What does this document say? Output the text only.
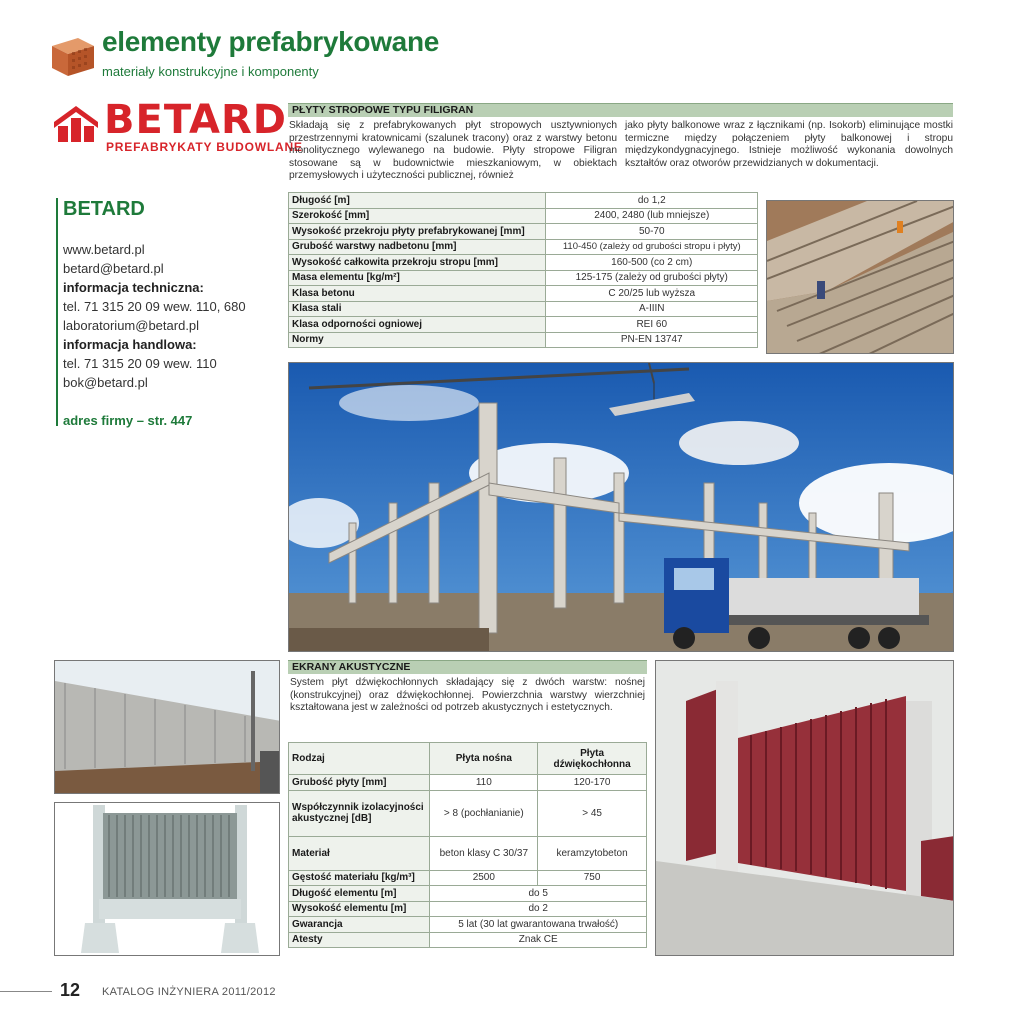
elementy prefabrykowane
materiały konstrukcyjne i komponenty
BETARD
PREFABRYKATY BUDOWLANE
BETARD
www.betard.pl
betard@betard.pl
informacja techniczna:
tel. 71 315 20 09 wew. 110, 680
laboratorium@betard.pl
informacja handlowa:
tel. 71 315 20 09 wew. 110
bok@betard.pl
adres firmy – str. 447
PŁYTY STROPOWE TYPU FILIGRAN
Składają się z prefabrykowanych płyt stropowych usztywnionych przestrzennymi kratownicami (szalunek tracony) oraz z warstwy betonu monolitycznego wylewanego na budowie. Płyty stropowe Filigran stosowane są w budownictwie mieszkaniowym, w obiektach przemysłowych i użyteczności publicznej, również
jako płyty balkonowe wraz z łącznikami (np. Isokorb) eliminujące mostki termiczne między połączeniem płyty balkonowej i stropu międzykondygnacyjnego. Istnieje możliwość wykonania dowolnych kształtów oraz otworów przewidzianych w dokumentacji.
Długość [m]	do 1,2
Szerokość [mm]	2400, 2480 (lub mniejsze)
Wysokość przekroju płyty prefabrykowanej [mm]	50-70
Grubość warstwy nadbetonu [mm]	110-450 (zależy od grubości stropu i płyty)
Wysokość całkowita przekroju stropu [mm]	160-500 (co 2 cm)
Masa elementu [kg/m²]	125-175 (zależy od grubości płyty)
Klasa betonu	C 20/25 lub wyższa
Klasa stali	A-IIIN
Klasa odporności ogniowej	REI 60
Normy	PN-EN 13747
EKRANY AKUSTYCZNE
System płyt dźwiękochłonnych składający się z dwóch warstw: nośnej (konstrukcyjnej) oraz dźwiękochłonnej. Powierzchnia warstwy wierzchniej kształtowana jest w zależności od potrzeb akustycznych i estetycznych.
Rodzaj	Płyta nośna	Płyta dźwiękochłonna
Grubość płyty [mm]	110	120-170
Współczynnik izolacyjności akustycznej [dB]	> 8 (pochłanianie)	> 45
Materiał	beton klasy C 30/37	keramzytobeton
Gęstość materiału [kg/m³]	2500	750
Długość elementu [m]	do 5	
Wysokość elementu [m]	do 2	
Gwarancja	5 lat (30 lat gwarantowana trwałość)	
Atesty	Znak CE	
12 KATALOG INŻYNIERA 2011/2012
